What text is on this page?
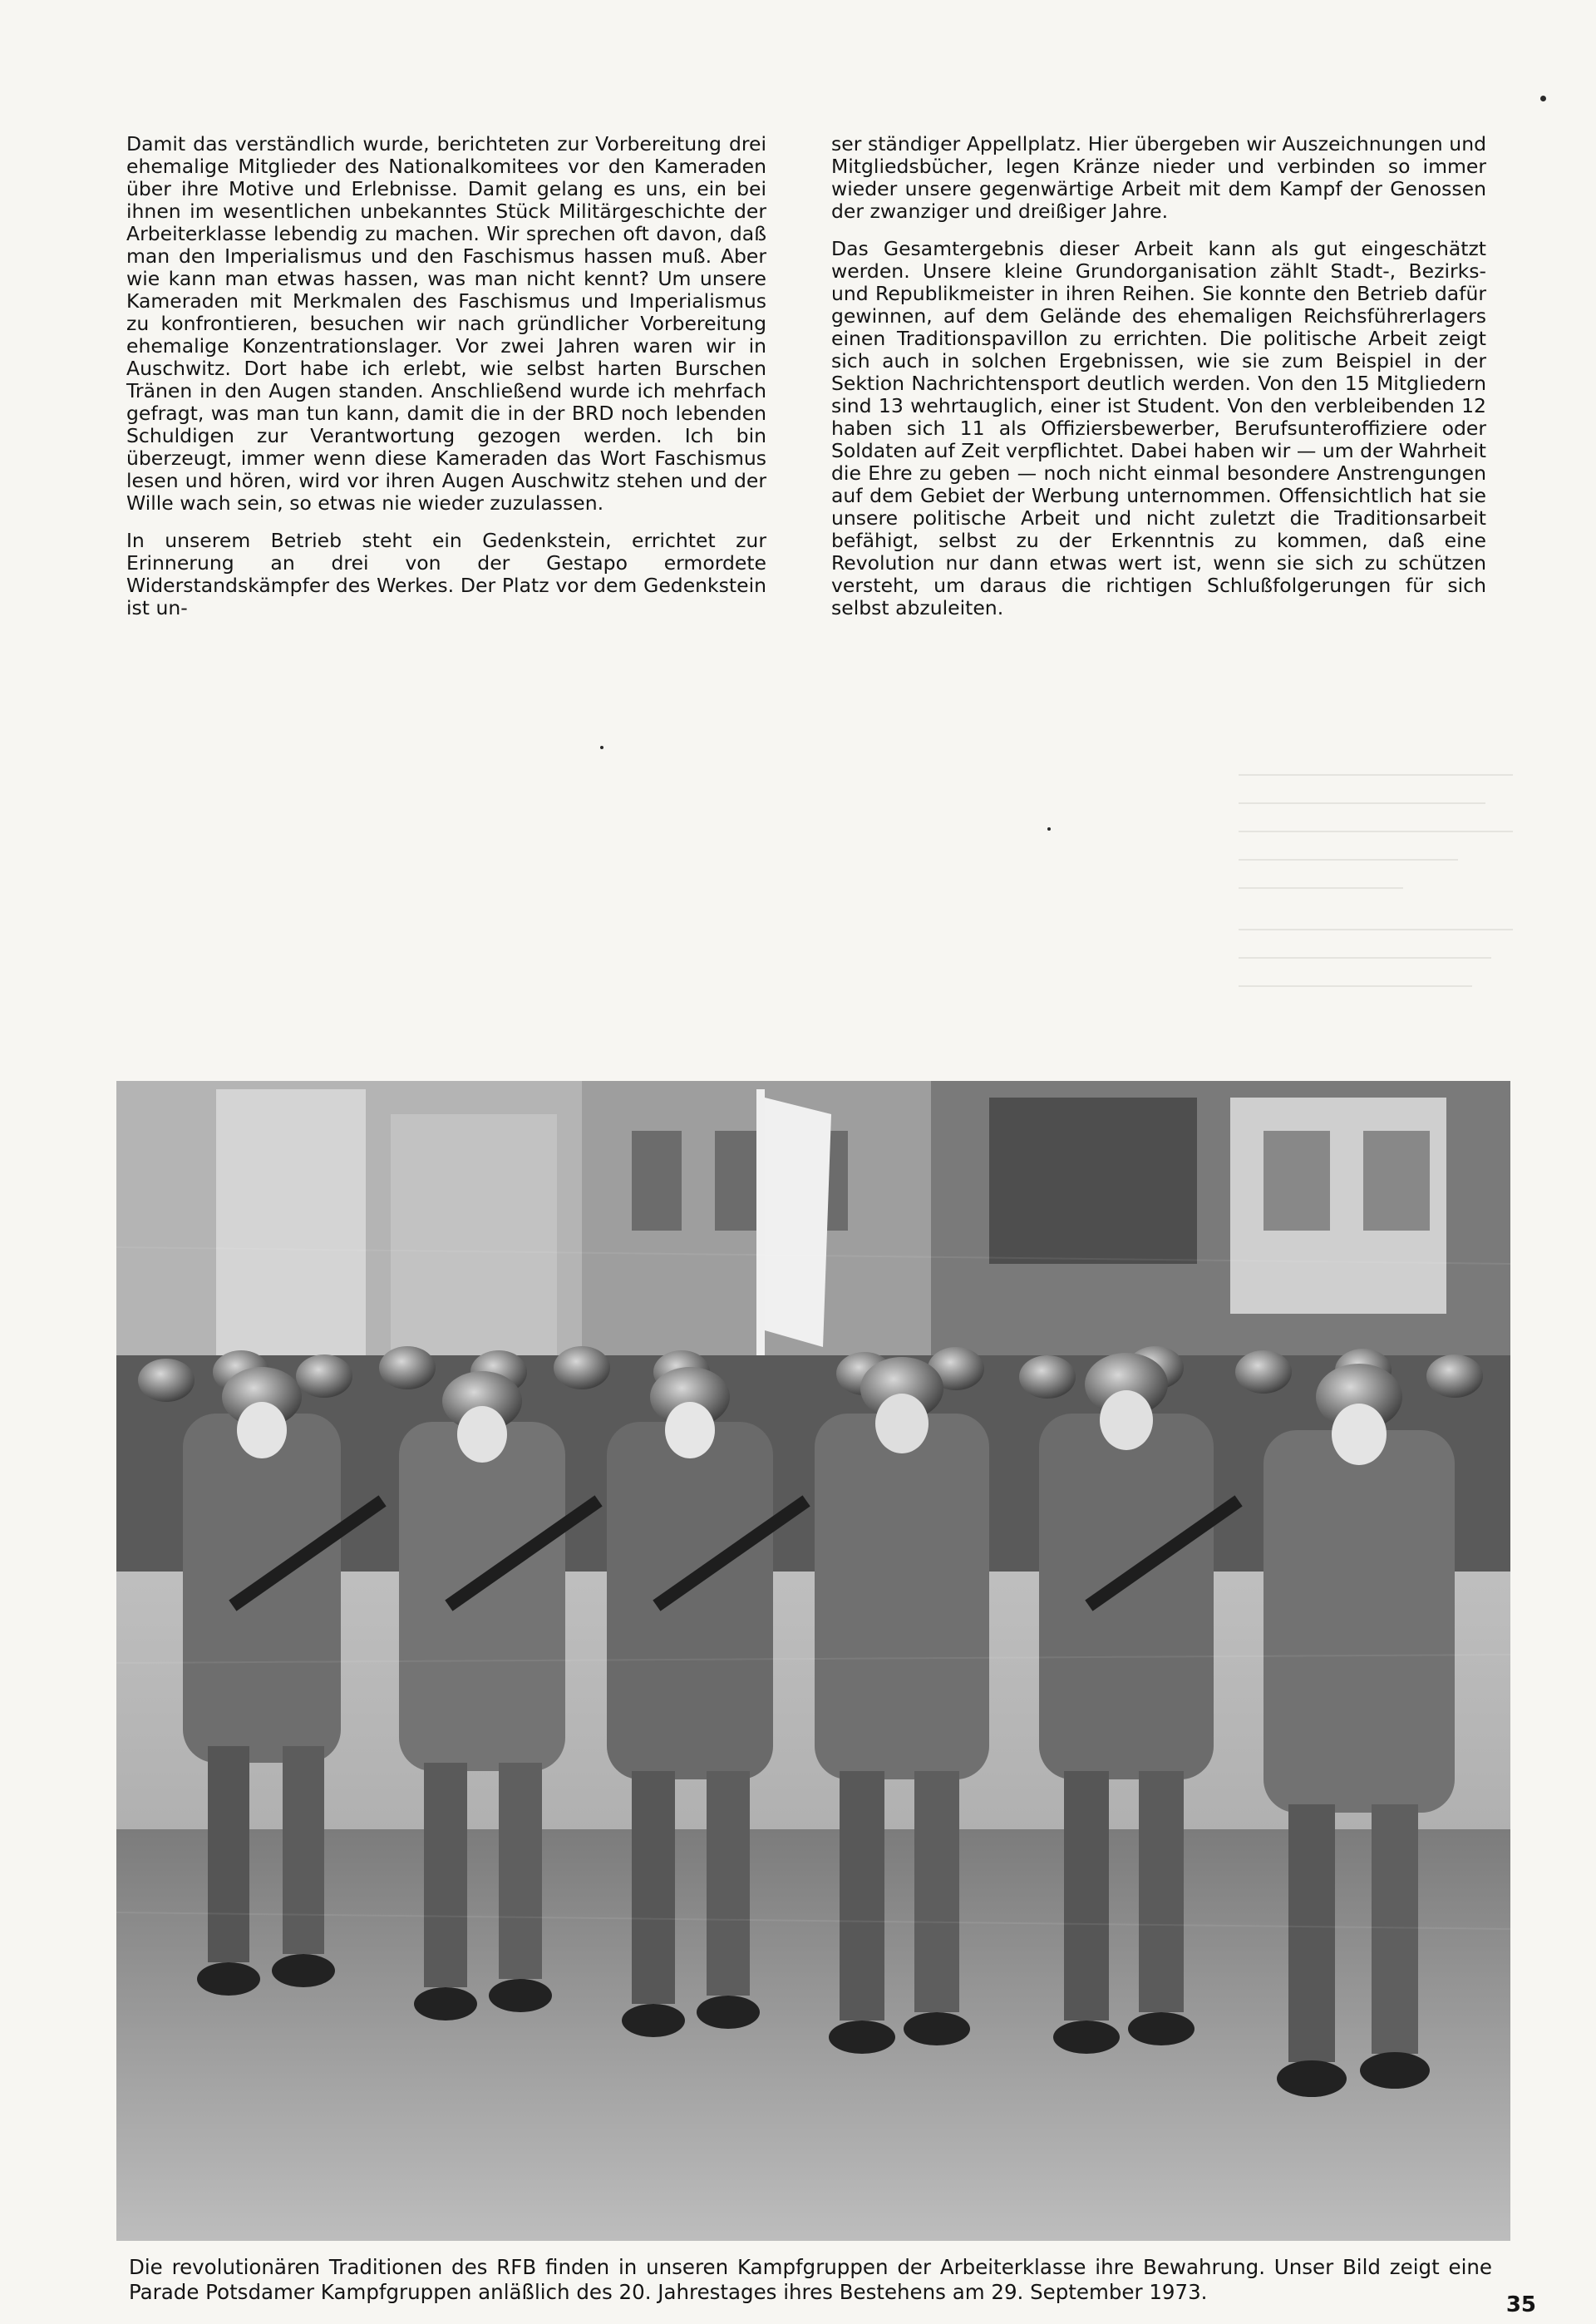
Damit das verständlich wurde, berichteten zur Vorbereitung drei ehemalige Mitglieder des Nationalkomitees vor den Kameraden über ihre Motive und Erlebnisse. Damit gelang es uns, ein bei ihnen im wesentlichen unbekanntes Stück Militärgeschichte der Arbeiterklasse lebendig zu machen. Wir sprechen oft davon, daß man den Imperialismus und den Faschismus hassen muß. Aber wie kann man etwas hassen, was man nicht kennt? Um unsere Kameraden mit Merkmalen des Faschismus und Imperialismus zu konfrontieren, besuchen wir nach gründlicher Vorbereitung ehemalige Konzentrationslager. Vor zwei Jahren waren wir in Auschwitz. Dort habe ich erlebt, wie selbst harten Burschen Tränen in den Augen standen. Anschließend wurde ich mehrfach gefragt, was man tun kann, damit die in der BRD noch lebenden Schuldigen zur Verantwortung gezogen werden. Ich bin überzeugt, immer wenn diese Kameraden das Wort Faschismus lesen und hören, wird vor ihren Augen Auschwitz stehen und der Wille wach sein, so etwas nie wieder zuzulassen.

In unserem Betrieb steht ein Gedenkstein, errichtet zur Erinnerung an drei von der Gestapo ermordete Widerstandskämpfer des Werkes. Der Platz vor dem Gedenkstein ist un-

ser ständiger Appellplatz. Hier übergeben wir Auszeichnungen und Mitgliedsbücher, legen Kränze nieder und verbinden so immer wieder unsere gegenwärtige Arbeit mit dem Kampf der Genossen der zwanziger und dreißiger Jahre.

Das Gesamtergebnis dieser Arbeit kann als gut eingeschätzt werden. Unsere kleine Grundorganisation zählt Stadt-, Bezirks- und Republikmeister in ihren Reihen. Sie konnte den Betrieb dafür gewinnen, auf dem Gelände des ehemaligen Reichsführerlagers einen Traditionspavillon zu errichten. Die politische Arbeit zeigt sich auch in solchen Ergebnissen, wie sie zum Beispiel in der Sektion Nachrichtensport deutlich werden. Von den 15 Mitgliedern sind 13 wehrtauglich, einer ist Student. Von den verbleibenden 12 haben sich 11 als Offiziersbewerber, Berufsunteroffiziere oder Soldaten auf Zeit verpflichtet. Dabei haben wir — um der Wahrheit die Ehre zu geben — noch nicht einmal besondere Anstrengungen auf dem Gebiet der Werbung unternommen. Offensichtlich hat sie unsere politische Arbeit und nicht zuletzt die Traditionsarbeit befähigt, selbst zu der Erkenntnis zu kommen, daß eine Revolution nur dann etwas wert ist, wenn sie sich zu schützen versteht, um daraus die richtigen Schlußfolgerungen für sich selbst abzuleiten.

Die revolutionären Traditionen des RFB finden in unseren Kampfgruppen der Arbeiterklasse ihre Bewahrung. Unser Bild zeigt eine Parade Potsdamer Kampfgruppen anläßlich des 20. Jahrestages ihres Bestehens am 29. September 1973.
35
